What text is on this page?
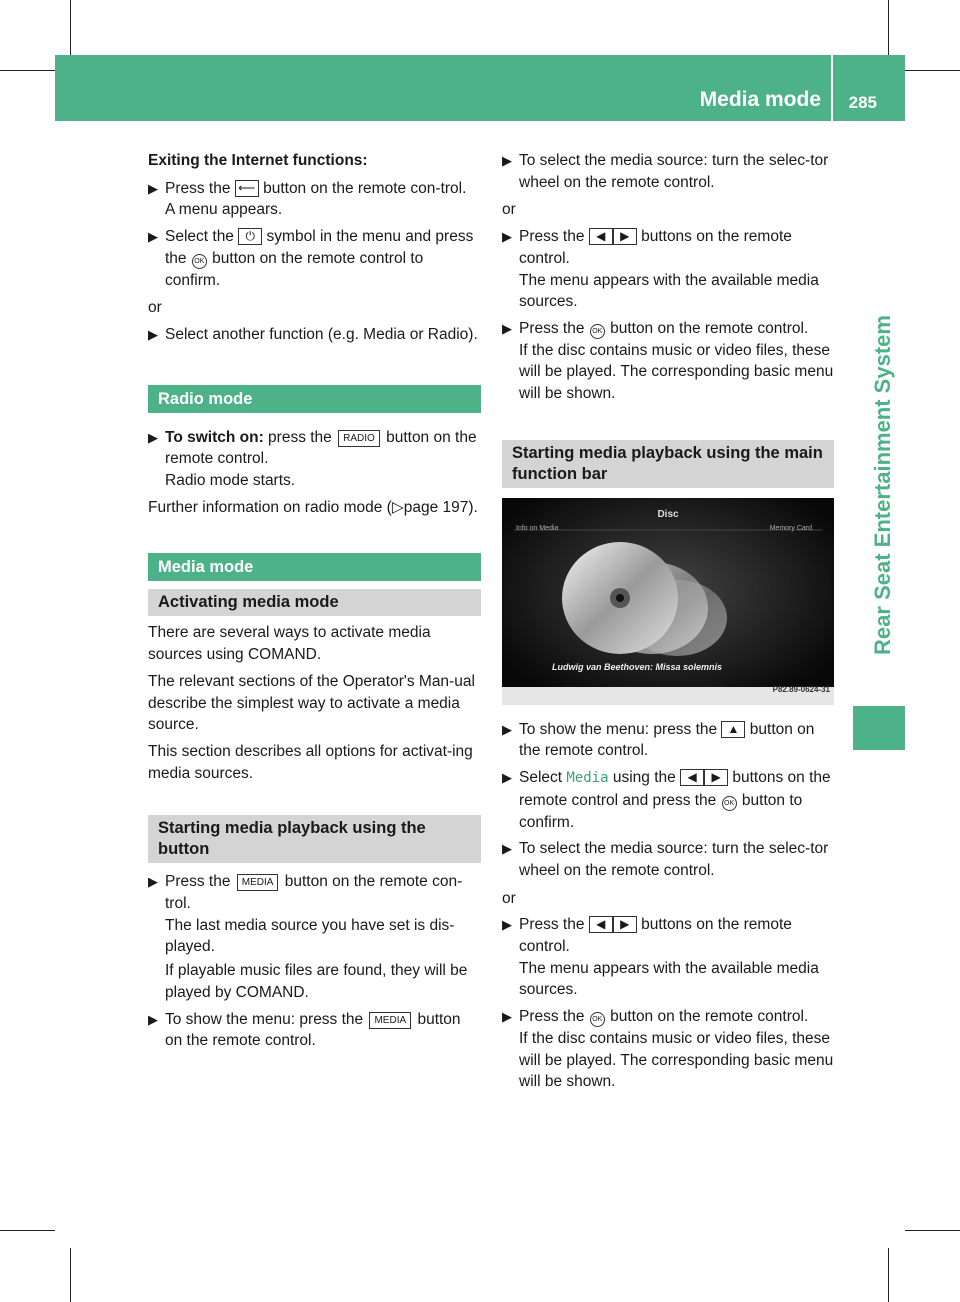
Media mode 285
Rear Seat Entertainment System

Exiting the Internet functions:

▶ Press the ⟵ button on the remote con-trol.
A menu appears.

▶ Select the ⏻ symbol in the menu and press the OK button on the remote control to confirm.

or

▶ Select another function (e.g. Media or Radio).

Radio mode

▶ To switch on: press the RADIO button on the remote control.
Radio mode starts.

Further information on radio mode (▷page 197).

Media mode
Activating media mode

There are several ways to activate media sources using COMAND.

The relevant sections of the Operator's Man-ual describe the simplest way to activate a media source.

This section describes all options for activat-ing media sources.

Starting media playback using the button

▶ Press the MEDIA button on the remote con-trol.
The last media source you have set is dis-played.

If playable music files are found, they will be played by COMAND.

▶ To show the menu: press the MEDIA button on the remote control.

▶ To select the media source: turn the selec-tor wheel on the remote control.

or

▶ Press the ◀ ▶ buttons on the remote control.
The menu appears with the available media sources.

▶ Press the OK button on the remote control.
If the disc contains music or video files, these will be played. The corresponding basic menu will be shown.

Starting media playback using the main function bar
Disc
Info on Media	Memory Card
Ludwig van Beethoven: Missa solemnis
P82.89-0624-31

▶ To show the menu: press the ▲ button on the remote control.

▶ Select Media using the ◀ ▶ buttons on the remote control and press the OK button to confirm.

▶ To select the media source: turn the selec-tor wheel on the remote control.

or

▶ Press the ◀ ▶ buttons on the remote control.
The menu appears with the available media sources.

▶ Press the OK button on the remote control.
If the disc contains music or video files, these will be played. The corresponding basic menu will be shown.
